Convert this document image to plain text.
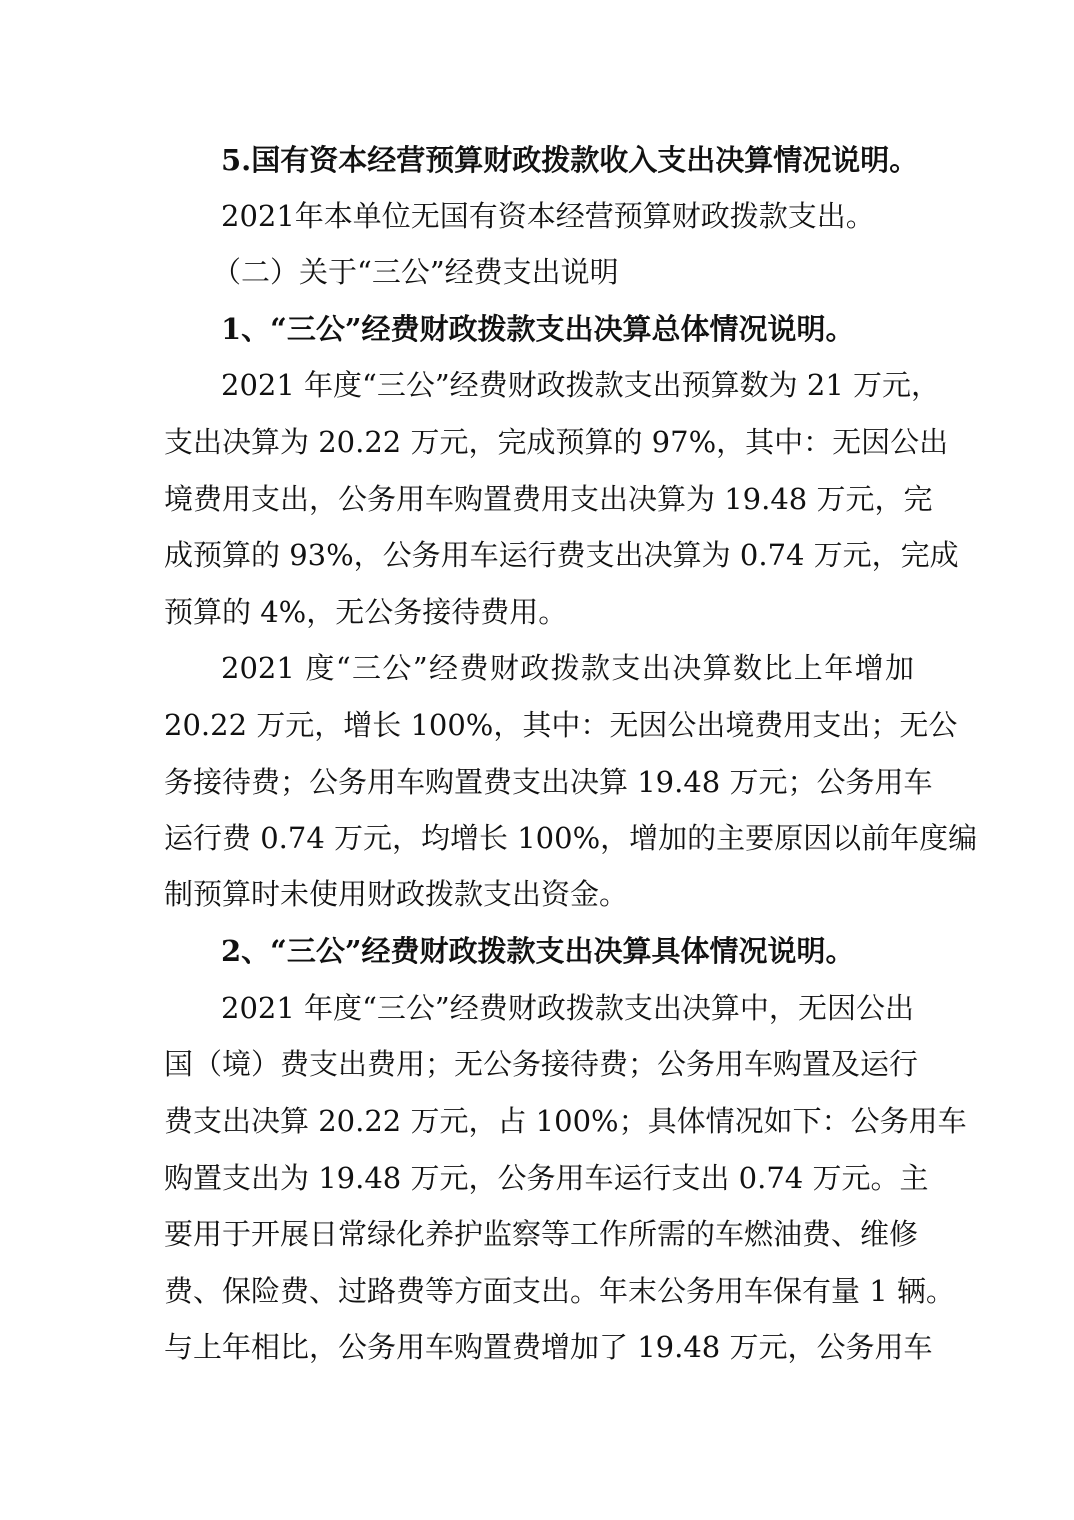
5.国有资本经营预算财政拨款收入支出决算情况说明。
2021年本单位无国有资本经营预算财政拨款支出。
（二）关于“三公”经费支出说明
1、“三公”经费财政拨款支出决算总体情况说明。
2021 年度“三公”经费财政拨款支出预算数为 21 万元，
支出决算为 20.22 万元，完成预算的 97%，其中：无因公出
境费用支出，公务用车购置费用支出决算为 19.48 万元，完
成预算的 93%，公务用车运行费支出决算为 0.74 万元，完成
预算的 4%，无公务接待费用。
2021 度“三公”经费财政拨款支出决算数比上年增加
20.22 万元，增长 100%，其中：无因公出境费用支出；无公
务接待费；公务用车购置费支出决算 19.48 万元；公务用车
运行费 0.74 万元，均增长 100%，增加的主要原因以前年度编
制预算时未使用财政拨款支出资金。
2、“三公”经费财政拨款支出决算具体情况说明。
2021 年度“三公”经费财政拨款支出决算中，无因公出
国（境）费支出费用；无公务接待费；公务用车购置及运行
费支出决算 20.22 万元，占 100%；具体情况如下：公务用车
购置支出为 19.48 万元，公务用车运行支出 0.74 万元。主
要用于开展日常绿化养护监察等工作所需的车燃油费、维修
费、保险费、过路费等方面支出。年末公务用车保有量 1 辆。
与上年相比，公务用车购置费增加了 19.48 万元，公务用车
